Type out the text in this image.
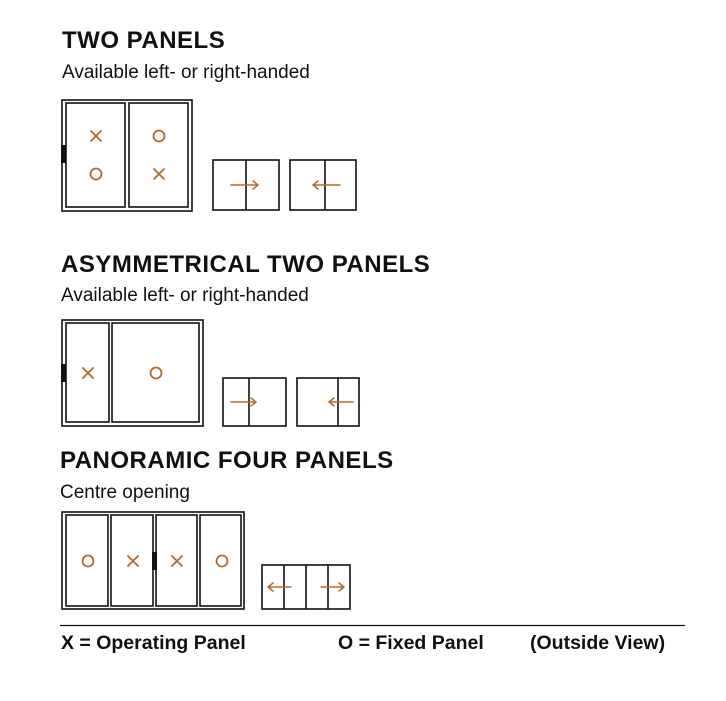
TWO PANELS

Available left- or right-handed

ASYMMETRICAL TWO PANELS

Available left- or right-handed

PANORAMIC FOUR PANELS

Centre opening

X = Operating Panel	O = Fixed Panel (Outside View)
